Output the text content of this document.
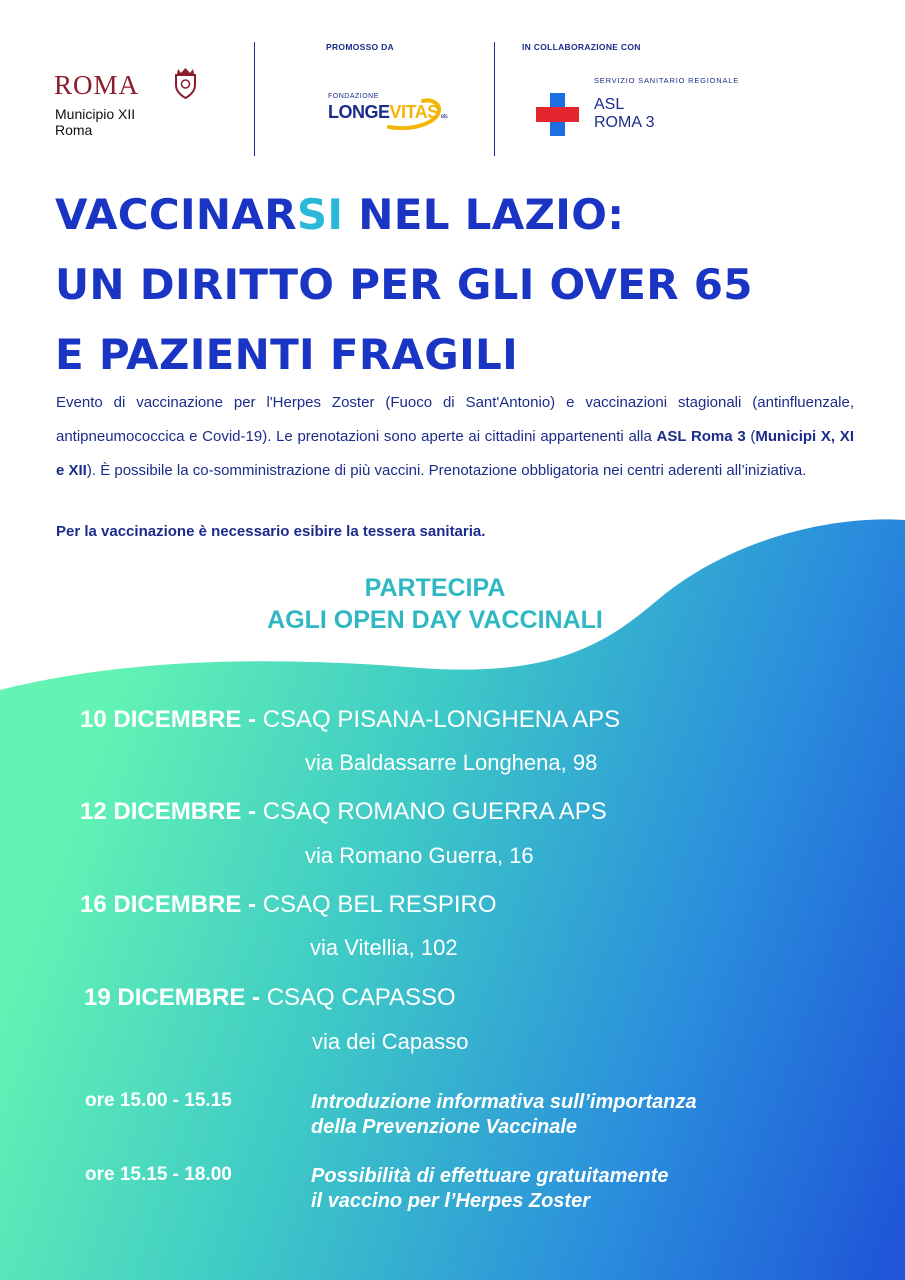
ROMA
Municipio XII
Roma
PROMOSSO DA	IN COLLABORAZIONE CON
FONDAZIONE
LONGEVITAS ets
SERVIZIO SANITARIO REGIONALE
ASL
ROMA 3
VACCINARSI NEL LAZIO:
UN DIRITTO PER GLI OVER 65
E PAZIENTI FRAGILI
Evento di vaccinazione per l'Herpes Zoster (Fuoco di Sant'Antonio) e vaccinazioni stagionali (antinfluenzale, antipneumococcica e Covid-19). Le prenotazioni sono aperte ai cittadini appartenenti alla ASL Roma 3 (Municipi X, XI e XII). È possibile la co-somministrazione di più vaccini. Prenotazione obbligatoria nei centri aderenti all’iniziativa.
Per la vaccinazione è necessario esibire la tessera sanitaria.
PARTECIPA
AGLI OPEN DAY VACCINALI
10 DICEMBRE - CSAQ PISANA-LONGHENA APS
via Baldassarre Longhena, 98
12 DICEMBRE - CSAQ ROMANO GUERRA APS
via Romano Guerra, 16
16 DICEMBRE - CSAQ BEL RESPIRO
via Vitellia, 102
19 DICEMBRE - CSAQ CAPASSO
via dei Capasso
ore 15.00 - 15.15	Introduzione informativa sull’importanza
della Prevenzione Vaccinale
ore 15.15 - 18.00	Possibilità di effettuare gratuitamente
il vaccino per l’Herpes Zoster
